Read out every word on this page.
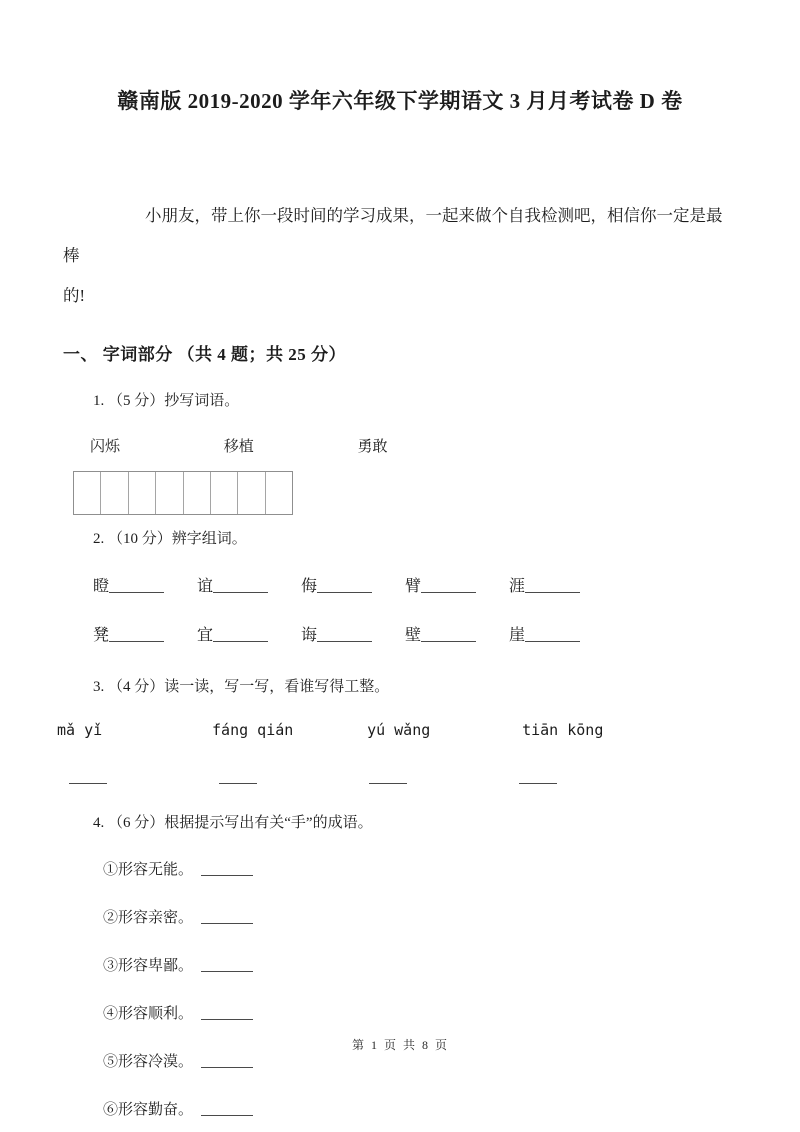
赣南版 2019-2020 学年六年级下学期语文 3 月月考试卷 D 卷
小朋友，带上你一段时间的学习成果，一起来做个自我检测吧，相信你一定是最棒
的!
一、 字词部分 （共 4 题；共 25 分）
1. （5 分）抄写词语。
闪烁	移植	勇敢
2. （10 分）辨字组词。
瞪	谊	侮	臂	涯
凳	宜	诲	壁	崖
3. （4 分）读一读，写一写，看谁写得工整。
mǎ yǐ	fáng qián	yú wǎng	tiān kōng

4. （6 分）根据提示写出有关“手”的成语。
①形容无能。
②形容亲密。
③形容卑鄙。
④形容顺利。
⑤形容冷漠。
⑥形容勤奋。
第 1 页 共 8 页
